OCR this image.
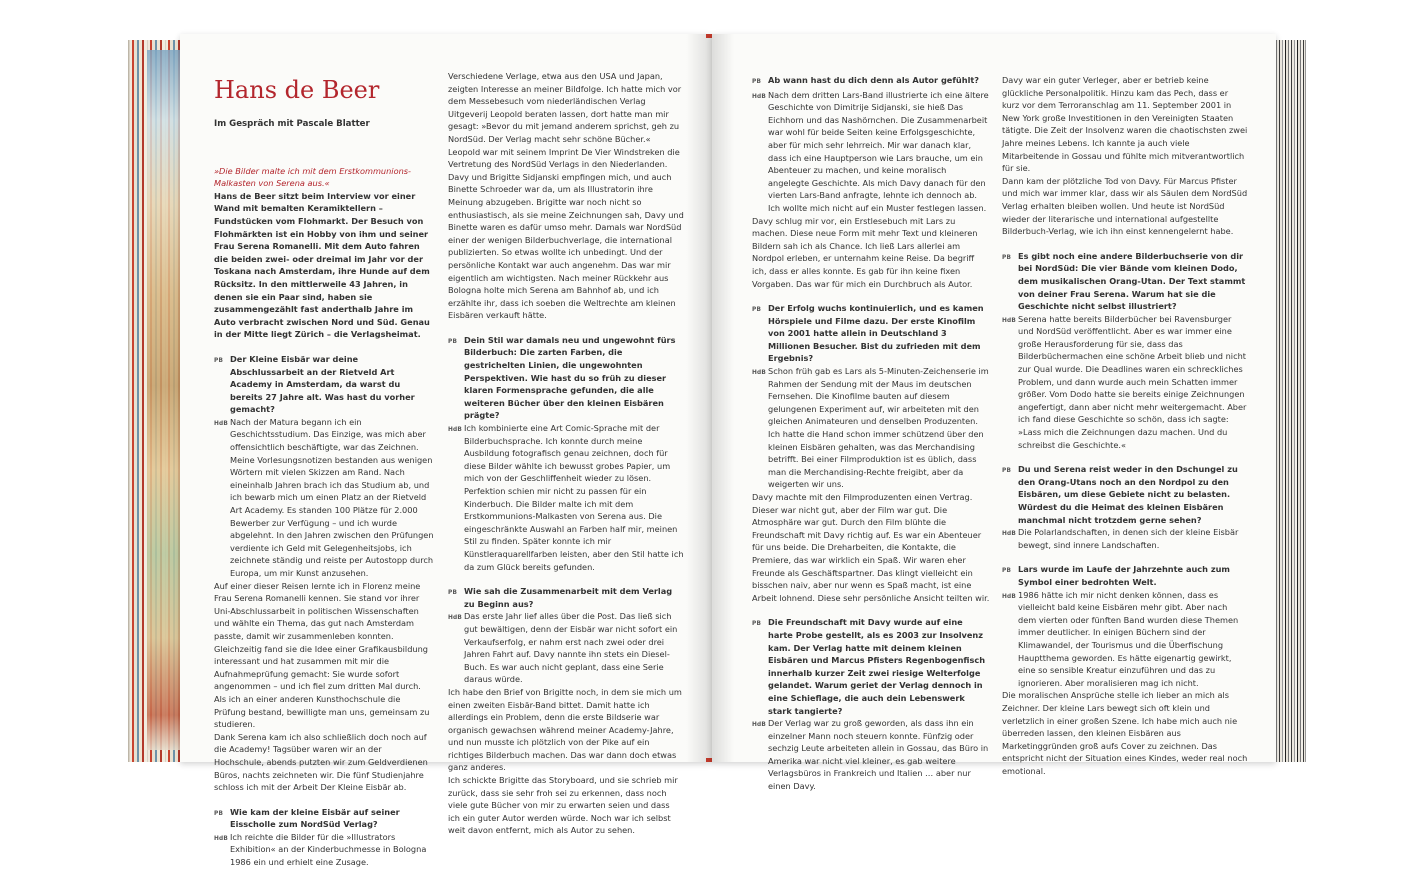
Hans de Beer
Im Gespräch mit Pascale Blatter
»Die Bilder malte ich mit dem Erstkommunions-Malkasten von Serena aus.«

Hans de Beer sitzt beim Interview vor einer Wand mit bemalten Keramiktellern – Fundstücken vom Flohmarkt. Der Besuch von Flohmärkten ist ein Hobby von ihm und seiner Frau Serena Romanelli. Mit dem Auto fahren die beiden zwei- oder dreimal im Jahr vor der Toskana nach Amsterdam, ihre Hunde auf dem Rücksitz. In den mittlerweile 43 Jahren, in denen sie ein Paar sind, haben sie zusammengezählt fast anderthalb Jahre im Auto verbracht zwischen Nord und Süd. Genau in der Mitte liegt Zürich – die Verlagsheimat.

PB Der Kleine Eisbär war deine Abschlussarbeit an der Rietveld Art Academy in Amsterdam, da warst du bereits 27 Jahre alt. Was hast du vorher gemacht?
HdB Nach der Matura begann ich ein Geschichtsstudium. Das Einzige, was mich aber offensichtlich beschäftigte, war das Zeichnen. Meine Vorlesungsnotizen bestanden aus wenigen Wörtern mit vielen Skizzen am Rand. Nach eineinhalb Jahren brach ich das Studium ab, und ich bewarb mich um einen Platz an der Rietveld Art Academy. Es standen 100 Plätze für 2.000 Bewerber zur Verfügung – und ich wurde abgelehnt. In den Jahren zwischen den Prüfungen verdiente ich Geld mit Gelegenheitsjobs, ich zeichnete ständig und reiste per Autostopp durch Europa, um mir Kunst anzusehen.

Auf einer dieser Reisen lernte ich in Florenz meine Frau Serena Romanelli kennen. Sie stand vor ihrer Uni-Abschlussarbeit in politischen Wissenschaften und wählte ein Thema, das gut nach Amsterdam passte, damit wir zusammenleben konnten. Gleichzeitig fand sie die Idee einer Grafikausbildung interessant und hat zusammen mit mir die Aufnahmeprüfung gemacht: Sie wurde sofort angenommen – und ich fiel zum dritten Mal durch. Als ich an einer anderen Kunsthochschule die Prüfung bestand, bewilligte man uns, gemeinsam zu studieren.

Dank Serena kam ich also schließlich doch noch auf die Academy! Tagsüber waren wir an der Hochschule, abends putzten wir zum Geldverdienen Büros, nachts zeichneten wir. Die fünf Studienjahre schloss ich mit der Arbeit Der Kleine Eisbär ab.

PB Wie kam der kleine Eisbär auf seiner Eisscholle zum NordSüd Verlag?
HdB Ich reichte die Bilder für die »Illustrators Exhibition« an der Kinderbuchmesse in Bologna 1986 ein und erhielt eine Zusage.

Verschiedene Verlage, etwa aus den USA und Japan, zeigten Interesse an meiner Bildfolge. Ich hatte mich vor dem Messebesuch vom niederländischen Verlag Uitgeverij Leopold beraten lassen, dort hatte man mir gesagt: »Bevor du mit jemand anderem sprichst, geh zu NordSüd. Der Verlag macht sehr schöne Bücher.« Leopold war mit seinem Imprint De Vier Windstreken die Vertretung des NordSüd Verlags in den Niederlanden.

Davy und Brigitte Sidjanski empfingen mich, und auch Binette Schroeder war da, um als Illustratorin ihre Meinung abzugeben. Brigitte war noch nicht so enthusiastisch, als sie meine Zeichnungen sah, Davy und Binette waren es dafür umso mehr. Damals war NordSüd einer der wenigen Bilderbuchverlage, die international publizierten. So etwas wollte ich unbedingt. Und der persönliche Kontakt war auch angenehm. Das war mir eigentlich am wichtigsten. Nach meiner Rückkehr aus Bologna holte mich Serena am Bahnhof ab, und ich erzählte ihr, dass ich soeben die Weltrechte am kleinen Eisbären verkauft hätte.

PB Dein Stil war damals neu und ungewohnt fürs Bilderbuch: Die zarten Farben, die gestrichelten Linien, die ungewohnten Perspektiven. Wie hast du so früh zu dieser klaren Formensprache gefunden, die alle weiteren Bücher über den kleinen Eisbären prägte?
HdB Ich kombinierte eine Art Comic-Sprache mit der Bilderbuchsprache. Ich konnte durch meine Ausbildung fotografisch genau zeichnen, doch für diese Bilder wählte ich bewusst grobes Papier, um mich von der Geschliffenheit wieder zu lösen. Perfektion schien mir nicht zu passen für ein Kinderbuch. Die Bilder malte ich mit dem Erstkommunions-Malkasten von Serena aus. Die eingeschränkte Auswahl an Farben half mir, meinen Stil zu finden. Später konnte ich mir Künstleraquarellfarben leisten, aber den Stil hatte ich da zum Glück bereits gefunden.
PB Wie sah die Zusammenarbeit mit dem Verlag zu Beginn aus?
HdB Das erste Jahr lief alles über die Post. Das ließ sich gut bewältigen, denn der Eisbär war nicht sofort ein Verkaufserfolg, er nahm erst nach zwei oder drei Jahren Fahrt auf. Davy nannte ihn stets ein Diesel-Buch. Es war auch nicht geplant, dass eine Serie daraus würde.

Ich habe den Brief von Brigitte noch, in dem sie mich um einen zweiten Eisbär-Band bittet. Damit hatte ich allerdings ein Problem, denn die erste Bildserie war organisch gewachsen während meiner Academy-Jahre, und nun musste ich plötzlich von der Pike auf ein richtiges Bilderbuch machen. Das war dann doch etwas ganz anderes.

Ich schickte Brigitte das Storyboard, und sie schrieb mir zurück, dass sie sehr froh sei zu erkennen, dass noch viele gute Bücher von mir zu erwarten seien und dass ich ein guter Autor werden würde. Noch war ich selbst weit davon entfernt, mich als Autor zu sehen.

PB Ab wann hast du dich denn als Autor gefühlt?
HdB Nach dem dritten Lars-Band illustrierte ich eine ältere Geschichte von Dimitrije Sidjanski, sie hieß Das Eichhorn und das Nashörnchen. Die Zusammenarbeit war wohl für beide Seiten keine Erfolgsgeschichte, aber für mich sehr lehrreich. Mir war danach klar, dass ich eine Hauptperson wie Lars brauche, um ein Abenteuer zu machen, und keine moralisch angelegte Geschichte. Als mich Davy danach für den vierten Lars-Band anfragte, lehnte ich dennoch ab. Ich wollte mich nicht auf ein Muster festlegen lassen.

Davy schlug mir vor, ein Erstlesebuch mit Lars zu machen. Diese neue Form mit mehr Text und kleineren Bildern sah ich als Chance. Ich ließ Lars allerlei am Nordpol erleben, er unternahm keine Reise. Da begriff ich, dass er alles konnte. Es gab für ihn keine fixen Vorgaben. Das war für mich ein Durchbruch als Autor.

PB Der Erfolg wuchs kontinuierlich, und es kamen Hörspiele und Filme dazu. Der erste Kinofilm von 2001 hatte allein in Deutschland 3 Millionen Besucher. Bist du zufrieden mit dem Ergebnis?
HdB Schon früh gab es Lars als 5-Minuten-Zeichenserie im Rahmen der Sendung mit der Maus im deutschen Fernsehen. Die Kinofilme bauten auf diesem gelungenen Experiment auf, wir arbeiteten mit den gleichen Animateuren und denselben Produzenten. Ich hatte die Hand schon immer schützend über den kleinen Eisbären gehalten, was das Merchandising betrifft. Bei einer Filmproduktion ist es üblich, dass man die Merchandising-Rechte freigibt, aber da weigerten wir uns.

Davy machte mit den Filmproduzenten einen Vertrag. Dieser war nicht gut, aber der Film war gut. Die Atmosphäre war gut. Durch den Film blühte die Freundschaft mit Davy richtig auf. Es war ein Abenteuer für uns beide. Die Dreharbeiten, die Kontakte, die Premiere, das war wirklich ein Spaß. Wir waren eher Freunde als Geschäftspartner. Das klingt vielleicht ein bisschen naiv, aber nur wenn es Spaß macht, ist eine Arbeit lohnend. Diese sehr persönliche Ansicht teilten wir.

PB Die Freundschaft mit Davy wurde auf eine harte Probe gestellt, als es 2003 zur Insolvenz kam. Der Verlag hatte mit deinem kleinen Eisbären und Marcus Pfisters Regenbogenfisch innerhalb kurzer Zeit zwei riesige Welterfolge gelandet. Warum geriet der Verlag dennoch in eine Schieflage, die auch dein Lebenswerk stark tangierte?
HdB Der Verlag war zu groß geworden, als dass ihn ein einzelner Mann noch steuern konnte. Fünfzig oder sechzig Leute arbeiteten allein in Gossau, das Büro in Amerika war nicht viel kleiner, es gab weitere Verlagsbüros in Frankreich und Italien … aber nur einen Davy.

Davy war ein guter Verleger, aber er betrieb keine glückliche Personalpolitik. Hinzu kam das Pech, dass er kurz vor dem Terroranschlag am 11. September 2001 in New York große Investitionen in den Vereinigten Staaten tätigte. Die Zeit der Insolvenz waren die chaotischsten zwei Jahre meines Lebens. Ich kannte ja auch viele Mitarbeitende in Gossau und fühlte mich mitverantwortlich für sie.

Dann kam der plötzliche Tod von Davy. Für Marcus Pfister und mich war immer klar, dass wir als Säulen dem NordSüd Verlag erhalten bleiben wollen. Und heute ist NordSüd wieder der literarische und international aufgestellte Bilderbuch-Verlag, wie ich ihn einst kennengelernt habe.

PB Es gibt noch eine andere Bilderbuchserie von dir bei NordSüd: Die vier Bände vom kleinen Dodo, dem musikalischen Orang-Utan. Der Text stammt von deiner Frau Serena. Warum hat sie die Geschichte nicht selbst illustriert?
HdB Serena hatte bereits Bilderbücher bei Ravensburger und NordSüd veröffentlicht. Aber es war immer eine große Herausforderung für sie, dass das Bilderbüchermachen eine schöne Arbeit blieb und nicht zur Qual wurde. Die Deadlines waren ein schreckliches Problem, und dann wurde auch mein Schatten immer größer. Vom Dodo hatte sie bereits einige Zeichnungen angefertigt, dann aber nicht mehr weitergemacht. Aber ich fand diese Geschichte so schön, dass ich sagte: »Lass mich die Zeichnungen dazu machen. Und du schreibst die Geschichte.«
PB Du und Serena reist weder in den Dschungel zu den Orang-Utans noch an den Nordpol zu den Eisbären, um diese Gebiete nicht zu belasten. Würdest du die Heimat des kleinen Eisbären manchmal nicht trotzdem gerne sehen?
HdB Die Polarlandschaften, in denen sich der kleine Eisbär bewegt, sind innere Landschaften.
PB Lars wurde im Laufe der Jahrzehnte auch zum Symbol einer bedrohten Welt.
HdB 1986 hätte ich mir nicht denken können, dass es vielleicht bald keine Eisbären mehr gibt. Aber nach dem vierten oder fünften Band wurden diese Themen immer deutlicher. In einigen Büchern sind der Klimawandel, der Tourismus und die Überfischung Hauptthema geworden. Es hätte eigenartig gewirkt, eine so sensible Kreatur einzuführen und das zu ignorieren. Aber moralisieren mag ich nicht.

Die moralischen Ansprüche stelle ich lieber an mich als Zeichner. Der kleine Lars bewegt sich oft klein und verletzlich in einer großen Szene. Ich habe mich auch nie überreden lassen, den kleinen Eisbären aus Marketinggründen groß aufs Cover zu zeichnen. Das entspricht nicht der Situation eines Kindes, weder real noch emotional.
